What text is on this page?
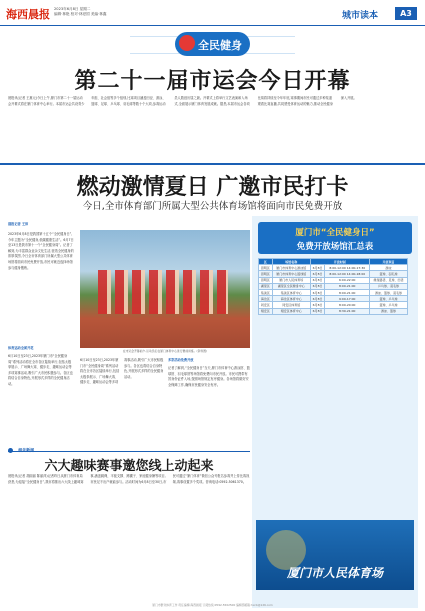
海西晨报 2023年6月8日 星期二
编辑·林艳 校对·林爱国 美编·林鑫	城市读本	A3
全民健身
第二十一届市运会今日开幕
晨报讯(记者 王惠元)今日上午,厦门市第二十一届运动会开幕式将在厦门体育中心举行。本届市运会共设青少年组、社会组等多个组别,比赛项目涵盖田径、游泳、篮球、足球、乒乓球、羽毛球等数十个大项,参赛运动员人数创历届之最。开幕式上将举行文艺表演和入场式,全面展示厦门体育发展成就。据悉,本届市运会各项比赛将持续至今年年底,赛事期间市民可通过多种渠道观看比赛直播,共同感受体育运动的魅力,推动全民健身深入开展。
燃动激情夏日 广邀市民打卡
今日,全市体育部门所属大型公共体育场馆将面向市民免费开放
晨报记者 王沛
2023年6月8日是我国第十五个“全民健身日”,今年主题为“全民健身,低碳健康生活”。6月7日至13日是我市第十一个“全民健身周”。记者了解到,为丰富群众业余文化生活,营造全民健身的浓厚氛围,今日全市体育部门所属大型公共体育场馆将面向市民免费开放,市民可就近选择场馆参与健身锻炼。
在市运会开幕前夕,运动员们在厦门体育中心进行赛前训练。(资料图)
体育运动全面开花
6月10日至23日,2023年厦门市“全民健身周”系列活动将在全市各区陆续举行,包括太极拳展示、广场舞大赛、健步走、趣味运动会等多项赛事活动,吸引广大市民积极参与。各区也将结合自身特色,开展形式多样的全民健身活动。
6月10日至23日,2023年厦门市“全民健身周”系列活动将在全市各区陆续举行,包括太极拳展示、广场舞大赛、健步走、趣味运动会等多项赛事活动,吸引广大市民积极参与。各区也将结合自身特色,开展形式多样的全民健身活动。
多彩活动免费开放
记者了解到,“全民健身日”当天,厦门市体育中心游泳馆、篮球馆、羽毛球馆等场馆将免费向市民开放。市民可携带有效身份证件入场,按照场馆规定有序健身。各场馆将做好安全保障工作,确保市民健身安全有序。
厦门市“全民健身日”
免费开放场馆汇总表
区	场馆名称	开放时间		开放项目
思明区	厦门市体育中心游泳馆	6月8日	8:00-12:00 14:00-17:30	游泳
思明区	厦门市体育中心篮球馆	6月8日	8:00-12:00 14:00-18:00	篮球、羽毛球
思明区	厦门市人民体育场	6月8日	6:00-22:00	健身路径、足球、田径
湖里区	湖里区全民健身中心	6月8日	8:00-21:00	乒乓球、羽毛球
集美区	集美区体育中心	6月8日	8:00-21:00	游泳、篮球、羽毛球
海沧区	海沧区体育中心	6月8日	9:00-17:00	篮球、乒乓球
同安区	同安区体育馆	6月8日	8:00-20:00	篮球、乒乓球
翔安区	翔安区体育中心	6月8日	8:30-21:00	游泳、篮球
厦门市人民体育场
相关新闻
六大趣味赛事邀您线上动起来
晨报讯(记者 胡丽丽 陈丽萍)记者昨日从厦门市体育局获悉,为迎接“全民健身日”,我市将推出六大线上趣味赛事,涵盖跳绳、平板支撑、踢毽子、家庭健身操等项目,市民足不出户就能参与。活动时间为6月8日至30日,市民可通过“厦门体育”微信公众号报名参赛并上传比赛视频,赛事设置多个奖项。咨询电话:0592-5061370。
厦门市群众体育工作 责任编辑:海西晨报 订阅热线:0592-5502500 编辑部邮箱:hxcb@126.com
